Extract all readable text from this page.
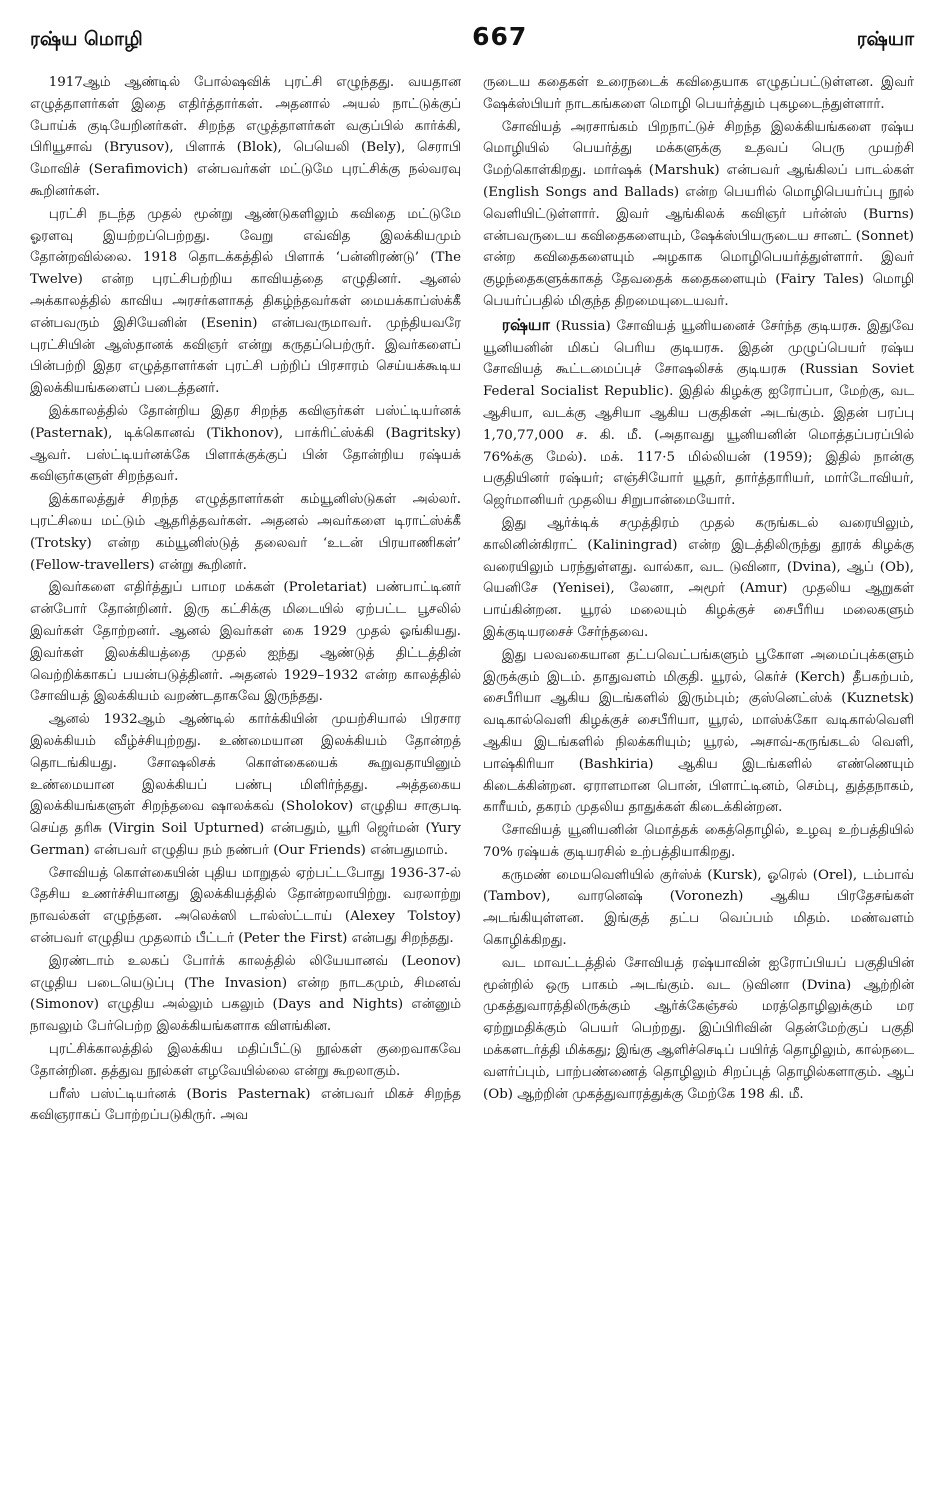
ரஷ்ய மொழி	667	ரஷ்யா

1917ஆம் ஆண்டில் போல்ஷவிக் புரட்சி எழுந்தது. வயதான எழுத்தாளர்கள் இதை எதிர்த்தார்கள். அதனால் அயல் நாட்டுக்குப் போய்க் குடியேறினர்கள். சிறந்த எழுத்தாளர்கள் வகுப்பில் கார்க்கி, பிரியூசாவ் (Bryusov), பிளாக் (Blok), பெயெலி (Bely), செராபி மோவிச் (Serafimovich) என்பவர்கள் மட்டுமே புரட்சிக்கு நல்வரவு கூறினர்கள்.

புரட்சி நடந்த முதல் மூன்று ஆண்டுகளிலும் கவிதை மட்டுமே ஓரளவு இயற்றப்பெற்றது. வேறு எவ்வித இலக்கியமும் தோன்றவில்லை. 1918 தொடக்கத்தில் பிளாக் ‘பன்னிரண்டு’ (The Twelve) என்ற புரட்சிபற்றிய காவியத்தை எழுதினர். ஆனல் அக்காலத்தில் காவிய அரசர்களாகத் திகழ்ந்தவர்கள் மையக்காப்ஸ்க்கீ என்பவரும் இசியேனின் (Esenin) என்பவருமாவர். முந்தியவரே புரட்சியின் ஆஸ்தானக் கவிஞர் என்று கருதப்பெற்ருர். இவர்களைப் பின்பற்றி இதர எழுத்தாளர்கள் புரட்சி பற்றிப் பிரசாரம் செய்யக்கூடிய இலக்கியங்களைப் படைத்தனர்.

இக்காலத்தில் தோன்றிய இதர சிறந்த கவிஞர்கள் பஸ்ட்டியர்னக் (Pasternak), டிக்கொனவ் (Tikhonov), பாக்ரிட்ஸ்க்கி (Bagritsky) ஆவர். பஸ்ட்டியர்னக்கே பிளாக்குக்குப் பின் தோன்றிய ரஷ்யக் கவிஞர்களுள் சிறந்தவர்.

இக்காலத்துச் சிறந்த எழுத்தாளர்கள் கம்யூனிஸ்டுகள் அல்லர். புரட்சியை மட்டும் ஆதரித்தவர்கள். அதனல் அவர்களை டிராட்ஸ்க்கீ (Trotsky) என்ற கம்யூனிஸ்டுத் தலைவர் ‘உடன் பிரயாணிகள்’ (Fellow-travellers) என்று கூறினர்.

இவர்களை எதிர்த்துப் பாமர மக்கள் (Proletariat) பண்பாட்டினர் என்போர் தோன்றினர். இரு கட்சிக்கு மிடையில் ஏற்பட்ட பூசலில் இவர்கள் தோற்றனர். ஆனல் இவர்கள் கை 1929 முதல் ஓங்கியது. இவர்கள் இலக்கியத்தை முதல் ஐந்து ஆண்டுத் திட்டத்தின் வெற்றிக்காகப் பயன்படுத்தினர். அதனல் 1929–1932 என்ற காலத்தில் சோவியத் இலக்கியம் வறண்டதாகவே இருந்தது.

ஆனல் 1932ஆம் ஆண்டில் கார்க்கியின் முயற்சியால் பிரசார இலக்கியம் வீழ்ச்சியுற்றது. உண்மையான இலக்கியம் தோன்றத் தொடங்கியது. சோஷலிசக் கொள்கையைக் கூறுவதாயினும் உண்மையான இலக்கியப் பண்பு மிளிர்ந்தது. அத்தகைய இலக்கியங்களுள் சிறந்தவை ஷாலக்கவ் (Sholokov) எழுதிய சாகுபடி செய்த தரிசு (Virgin Soil Upturned) என்பதும், யூரி ஜெர்மன் (Yury German) என்பவர் எழுதிய நம் நண்பர் (Our Friends) என்பதுமாம்.

சோவியத் கொள்கையின் புதிய மாறுதல் ஏற்பட்டபோது 1936-37-ல் தேசிய உணர்ச்சியானது இலக்கியத்தில் தோன்றலாயிற்று. வரலாற்று நாவல்கள் எழுந்தன. அலெக்ஸி டால்ஸ்ட்டாய் (Alexey Tolstoy) என்பவர் எழுதிய முதலாம் பீட்டர் (Peter the First) என்பது சிறந்தது.

இரண்டாம் உலகப் போர்க் காலத்தில் லியேயானவ் (Leonov) எழுதிய படையெடுப்பு (The Invasion) என்ற நாடகமும், சிமனவ் (Simonov) எழுதிய அல்லும் பகலும் (Days and Nights) என்னும் நாவலும் பேர்பெற்ற இலக்கியங்களாக விளங்கின.

புரட்சிக்காலத்தில் இலக்கிய மதிப்பீட்டு நூல்கள் குறைவாகவே தோன்றின. தத்துவ நூல்கள் எழவேயில்லை என்று கூறலாகும்.

பரீஸ் பஸ்ட்டியர்னக் (Boris Pasternak) என்பவர் மிகச் சிறந்த கவிஞராகப் போற்றப்படுகிருர். அவ

ருடைய கதைகள் உரைநடைக் கவிதையாக எழுதப்பட்டுள்ளன. இவர் ஷேக்ஸ்பியர் நாடகங்களை மொழி பெயர்த்தும் புகழடைந்துள்ளார்.

சோவியத் அரசாங்கம் பிறநாட்டுச் சிறந்த இலக்கியங்களை ரஷ்ய மொழியில் பெயர்த்து மக்களுக்கு உதவப் பெரு முயற்சி மேற்கொள்கிறது. மார்ஷக் (Marshuk) என்பவர் ஆங்கிலப் பாடல்கள் (English Songs and Ballads) என்ற பெயரில் மொழிபெயர்ப்பு நூல் வெளியிட்டுள்ளார். இவர் ஆங்கிலக் கவிஞர் பர்ன்ஸ் (Burns) என்பவருடைய கவிதைகளையும், ஷேக்ஸ்பியருடைய சானட் (Sonnet) என்ற கவிதைகளையும் அழகாக மொழிபெயர்த்துள்ளார். இவர் குழந்தைகளுக்காகத் தேவதைக் கதைகளையும் (Fairy Tales) மொழி பெயர்ப்பதில் மிகுந்த திறமையுடையவர்.

ரஷ்யா (Russia) சோவியத் யூனியனைச் சேர்ந்த குடியரசு. இதுவே யூனியனின் மிகப் பெரிய குடியரசு. இதன் முழுப்பெயர் ரஷ்ய சோவியத் கூட்டமைப்புச் சோஷலிசக் குடியரசு (Russian Soviet Federal Socialist Republic). இதில் கிழக்கு ஐரோப்பா, மேற்கு, வட ஆசியா, வடக்கு ஆசியா ஆகிய பகுதிகள் அடங்கும். இதன் பரப்பு 1,70,77,000 ச. கி. மீ. (அதாவது யூனியனின் மொத்தப்பரப்பில் 76%க்கு மேல்). மக். 117·5 மில்லியன் (1959); இதில் நான்கு பகுதியினர் ரஷ்யர்; எஞ்சியோர் யூதர், தார்த்தாரியர், மார்டோவியர், ஜெர்மானியர் முதலிய சிறுபான்மையோர்.

இது ஆர்க்டிக் சமுத்திரம் முதல் கருங்கடல் வரையிலும், காலினின்கிராட் (Kaliningrad) என்ற இடத்திலிருந்து தூரக் கிழக்கு வரையிலும் பரந்துள்ளது. வால்கா, வட டுவினா, (Dvina), ஆப் (Ob), யெனிசே (Yenisei), லேனா, அமூர் (Amur) முதலிய ஆறுகள் பாய்கின்றன. யூரல் மலையும் கிழக்குச் சைபீரிய மலைகளும் இக்குடியரசைச் சேர்ந்தவை.

இது பலவகையான தட்பவெட்பங்களும் பூகோள அமைப்புக்களும் இருக்கும் இடம். தாதுவளம் மிகுதி. யூரல், கெர்ச் (Kerch) தீபகற்பம், சைபீரியா ஆகிய இடங்களில் இரும்பும்; குஸ்னெட்ஸ்க் (Kuznetsk) வடிகால்வெளி கிழக்குச் சைபீரியா, யூரல், மாஸ்க்கோ வடிகால்வெளி ஆகிய இடங்களில் நிலக்கரியும்; யூரல், அசாவ்-கருங்கடல் வெளி, பாஷ்கிரியா (Bashkiria) ஆகிய இடங்களில் எண்ணெயும் கிடைக்கின்றன. ஏராளமான பொன், பிளாட்டினம், செம்பு, துத்தநாகம், காரீயம், தகரம் முதலிய தாதுக்கள் கிடைக்கின்றன.

சோவியத் யூனியனின் மொத்தக் கைத்தொழில், உழவு உற்பத்தியில் 70% ரஷ்யக் குடியரசில் உற்பத்தியாகிறது.

கருமண் மையவெளியில் குர்ஸ்க் (Kursk), ஓரெல் (Orel), டம்பாவ் (Tambov), வாரனெஷ் (Voronezh) ஆகிய பிரதேசங்கள் அடங்கியுள்ளன. இங்குத் தட்ப வெப்பம் மிதம். மண்வளம் கொழிக்கிறது.

வட மாவட்டத்தில் சோவியத் ரஷ்யாவின் ஐரோப்பியப் பகுதியின் மூன்றில் ஒரு பாகம் அடங்கும். வட டுவினா (Dvina) ஆற்றின் முகத்துவாரத்திலிருக்கும் ஆர்க்கேஞ்சல் மரத்தொழிலுக்கும் மர ஏற்றுமதிக்கும் பெயர் பெற்றது. இப்பிரிவின் தென்மேற்குப் பகுதி மக்களடர்த்தி மிக்கது; இங்கு ஆளிச்செடிப் பயிர்த் தொழிலும், கால்நடை வளர்ப்பும், பாற்பண்ணைத் தொழிலும் சிறப்புத் தொழில்களாகும். ஆப் (Ob) ஆற்றின் முகத்துவாரத்துக்கு மேற்கே 198 கி. மீ.
